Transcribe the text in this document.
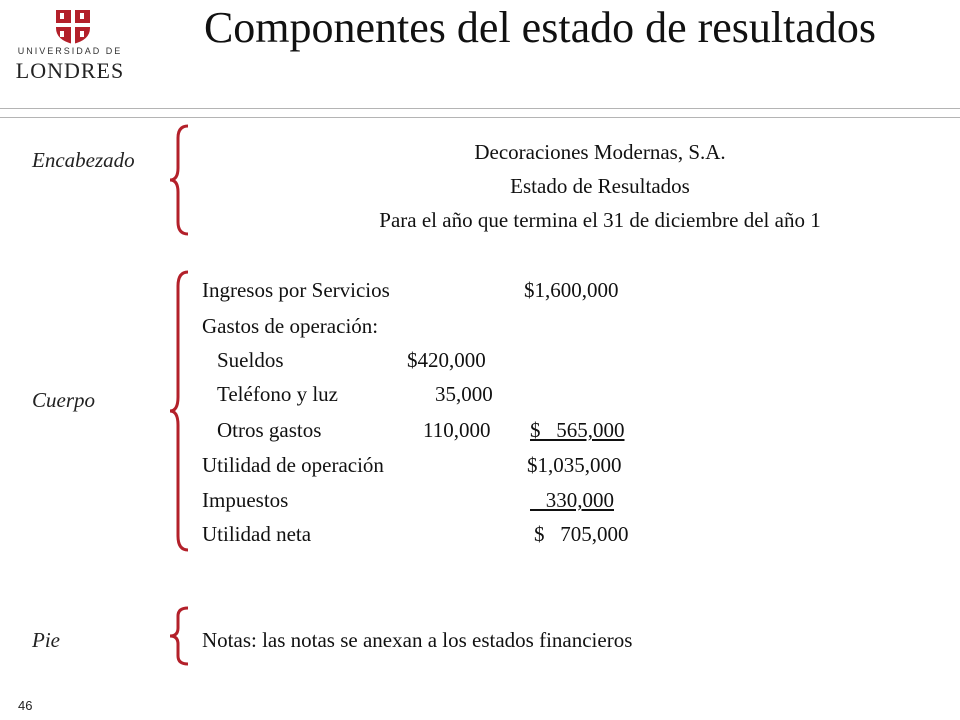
UNIVERSIDAD DE
LONDRES
Componentes del estado de resultados
Encabezado
Cuerpo
Pie
Decoraciones Modernas, S.A.
Estado de Resultados
Para el año que termina el 31 de diciembre del año 1
Ingresos por Servicios	$1,600,000
Gastos de operación:
Sueldos	$420,000
Teléfono y luz	35,000
Otros gastos	110,000 $   565,000
Utilidad de operación	$1,035,000
Impuestos	330,000
Utilidad neta	$   705,000
Notas: las notas se anexan a los estados financieros
46
